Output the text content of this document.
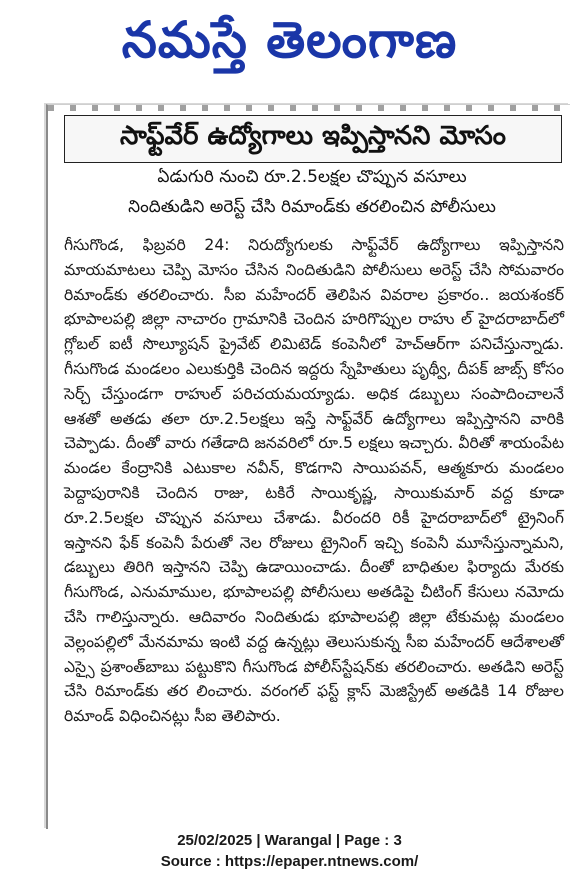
నమస్తే తెలంగాణ
సాఫ్ట్‌వేర్ ఉద్యోగాలు ఇప్పిస్తానని మోసం
ఏడుగురి నుంచి రూ.2.5లక్షల చొప్పున వసూలు
నిందితుడిని అరెస్ట్ చేసి రిమాండ్‌కు తరలించిన పోలీసులు
గీసుగొండ, ఫిబ్రవరి 24: నిరుద్యోగులకు సాఫ్ట్‌వేర్ ఉద్యోగాలు ఇప్పిస్తానని మాయమాటలు చెప్పి మోసం చేసిన నిందితుడిని పోలీసులు అరెస్ట్ చేసి సోమవారం రిమాండ్‌కు తరలించారు. సీఐ మహేందర్ తెలిపిన వివరాల ప్రకారం.. జయశంకర్ భూపాలపల్లి జిల్లా నాచారం గ్రామానికి చెందిన హరిగొప్పుల రాహు ల్ హైదరాబాద్‌లో గ్లోబల్ ఐటీ సొల్యూషన్ ప్రైవేట్ లిమిటెడ్ కంపెనీలో హెచ్‌ఆర్‌గా పనిచేస్తున్నాడు. గీసుగొండ మండలం ఎలుకుర్తికి చెందిన ఇద్దరు స్నేహితులు పృథ్వీ, దీపక్ జాబ్స్ కోసం సెర్చ్ చేస్తుండగా రాహుల్ పరిచయమయ్యాడు. అధిక డబ్బులు సంపాదించాలనే ఆశతో అతడు తలా రూ.2.5లక్షలు ఇస్తే సాఫ్ట్‌వేర్ ఉద్యోగాలు ఇప్పిస్తానని వారికి చెప్పాడు. దీంతో వారు గతేడాది జనవరిలో రూ.5 లక్షలు ఇచ్చారు. వీరితో శాయంపేట మండల కేంద్రానికి ఎటుకాల నవీన్, కొడగాని సాయిపవన్, ఆత్మకూరు మండలం పెద్దాపురానికి చెందిన రాజు, టకిరే సాయికృష్ణ, సాయికుమార్ వద్ద కూడా రూ.2.5లక్షల చొప్పున వసూలు చేశాడు. వీరందరి రికీ హైదరాబాద్‌లో ట్రైనింగ్ ఇస్తానని ఫేక్ కంపెనీ పేరుతో నెల రోజులు ట్రైనింగ్ ఇచ్చి కంపెనీ మూసేస్తున్నామని, డబ్బులు తిరిగి ఇస్తానని చెప్పి ఉడాయించాడు. దీంతో బాధితుల ఫిర్యాదు మేరకు గీసుగొండ, ఎనుమాముల, భూపాలపల్లి పోలీసులు అతడిపై చీటింగ్ కేసులు నమోదు చేసి గాలిస్తున్నారు. ఆదివారం నిందితుడు భూపాలపల్లి జిల్లా టేకుమట్ల మండలం వెల్లంపల్లిలో మేనమామ ఇంటి వద్ద ఉన్నట్లు తెలుసుకున్న సీఐ మహేందర్ ఆదేశాలతో ఎస్సై ప్రశాంత్‌బాబు పట్టుకొని గీసుగొండ పోలీస్‌స్టేషన్‌కు తరలించారు. అతడిని అరెస్ట్ చేసి రిమాండ్‌కు తర లించారు. వరంగల్ ఫస్ట్ క్లాస్ మెజిస్ట్రేట్ అతడికి 14 రోజుల రిమాండ్ విధించినట్లు సీఐ తెలిపారు.
25/02/2025 | Warangal | Page : 3
Source : https://epaper.ntnews.com/
